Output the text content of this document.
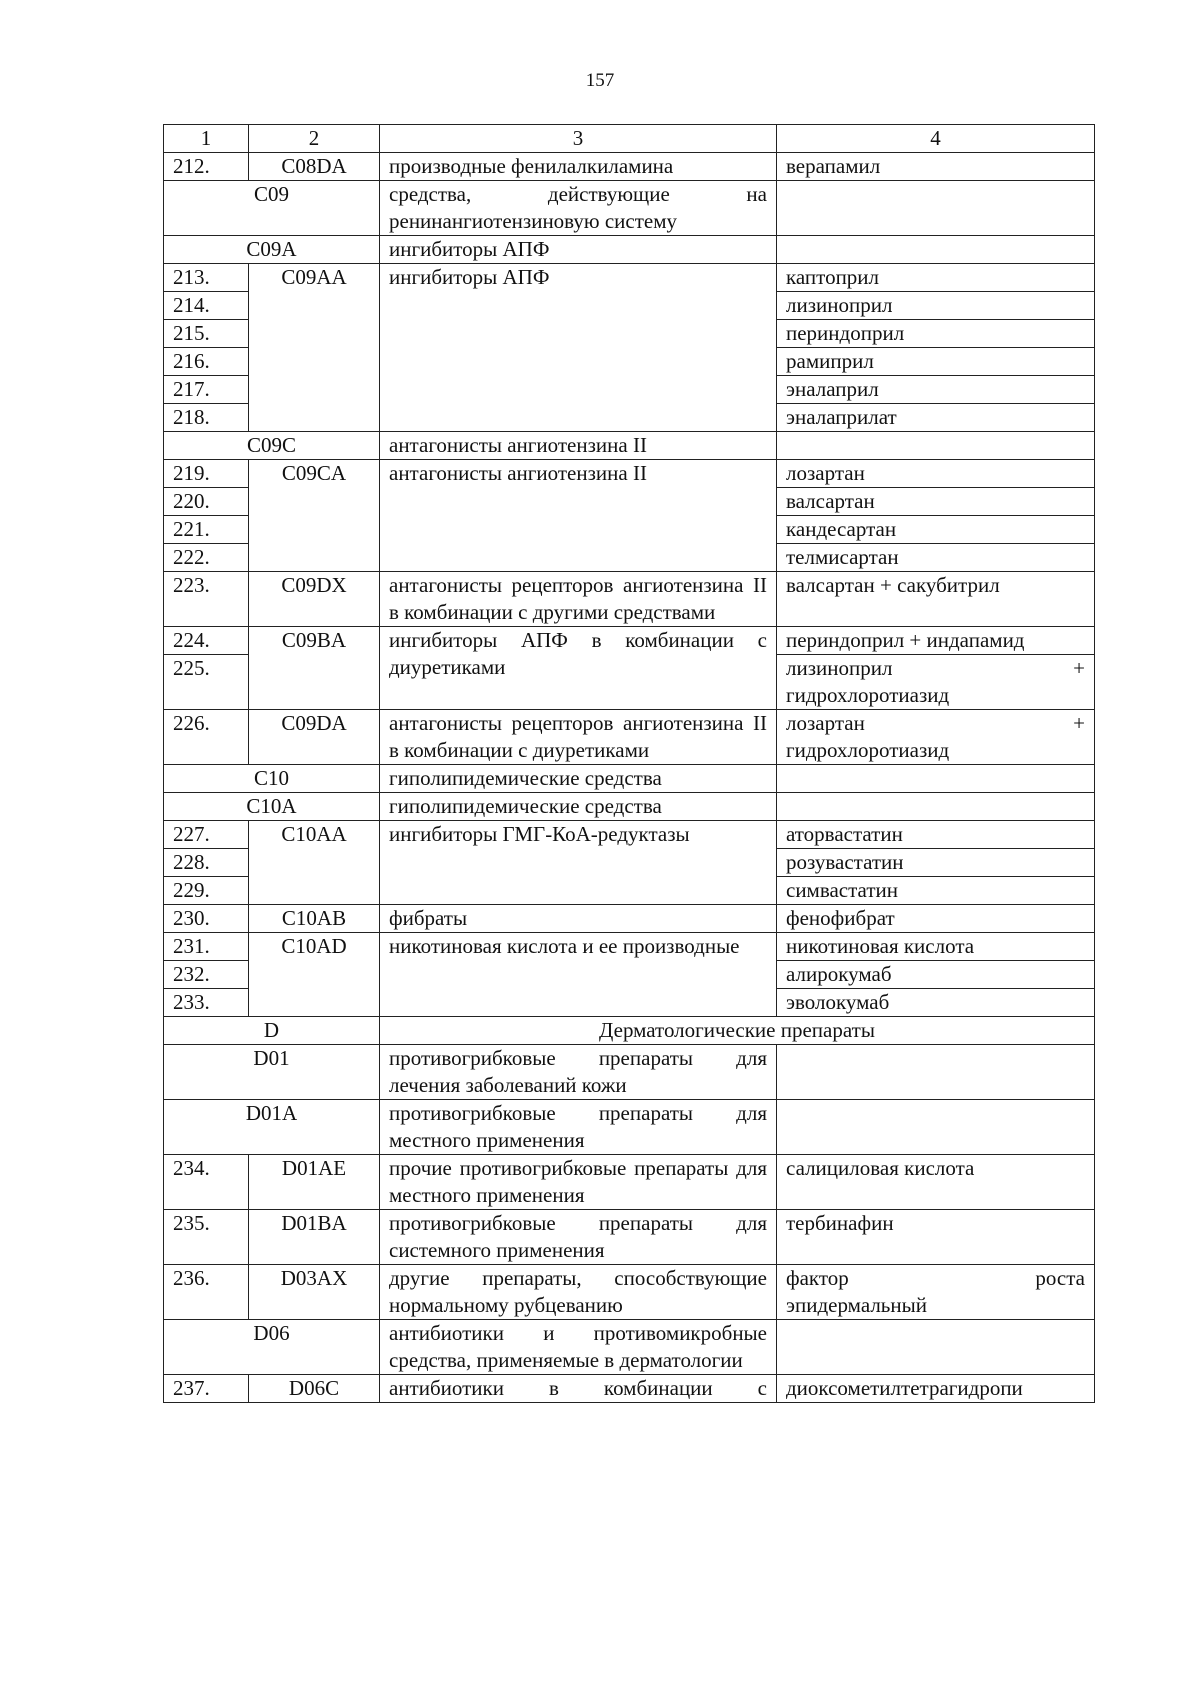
157
1	2	3	4
212.	C08DA	производные фенилалкиламина	верапамил
C09		средства, действующие на ренинангиотензиновую систему	
C09A		ингибиторы АПФ	
213.	C09AA	ингибиторы АПФ	каптоприл
214.			лизиноприл
215.			периндоприл
216.			рамиприл
217.			эналаприл
218.			эналаприлат
C09C		антагонисты ангиотензина II	
219.	C09CA	антагонисты ангиотензина II	лозартан
220.			валсартан
221.			кандесартан
222.			телмисартан
223.	C09DX	антагонисты рецепторов ангиотензина II в комбинации с другими средствами	валсартан + сакубитрил
224.	C09BA	ингибиторы АПФ в комбинации с диуретиками	периндоприл + индапамид
225.			лизиноприл +
гидрохлоротиазид

226.	C09DA	антагонисты рецепторов ангиотензина II в комбинации с диуретиками	лозартан +
гидрохлоротиазид

C10		гиполипидемические средства	
C10A		гиполипидемические средства	
227.	C10AA	ингибиторы ГМГ-КоА-редуктазы	аторвастатин
228.			розувастатин
229.			симвастатин
230.	C10AB	фибраты	фенофибрат
231.	C10AD	никотиновая кислота и ее производные	никотиновая кислота
232.			алирокумаб
233.			эволокумаб
D		Дерматологические препараты	
D01		противогрибковые препараты для лечения заболеваний кожи	
D01A		противогрибковые препараты для местного применения	
234.	D01AE	прочие противогрибковые препараты для местного применения	салициловая кислота
235.	D01BA	противогрибковые препараты для системного применения	тербинафин
236.	D03AX	другие препараты, способствующие нормальному рубцеванию	фактор роста
эпидермальный

D06		антибиотики и противомикробные средства, применяемые в дерматологии	
237.	D06C	антибиотики в комбинации с	диоксометилтетрагидропи
